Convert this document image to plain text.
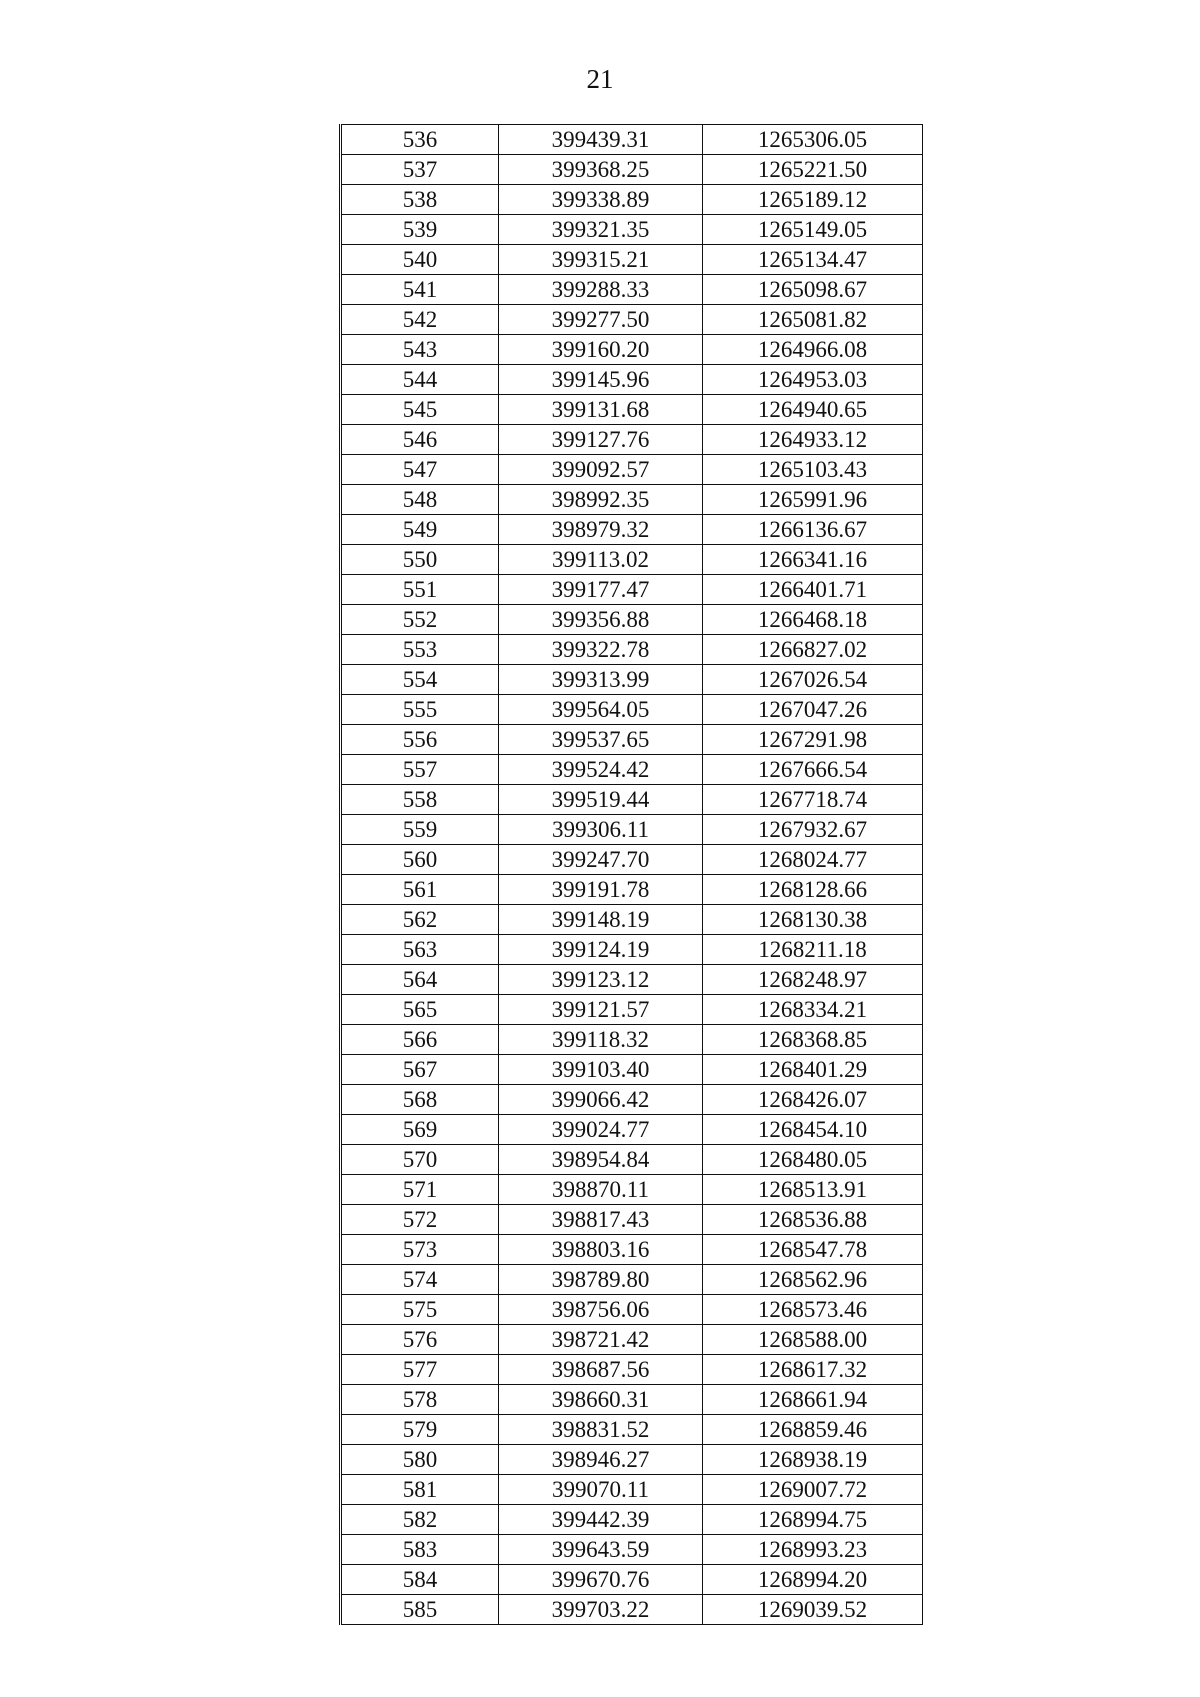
21
536	399439.31	1265306.05
537	399368.25	1265221.50
538	399338.89	1265189.12
539	399321.35	1265149.05
540	399315.21	1265134.47
541	399288.33	1265098.67
542	399277.50	1265081.82
543	399160.20	1264966.08
544	399145.96	1264953.03
545	399131.68	1264940.65
546	399127.76	1264933.12
547	399092.57	1265103.43
548	398992.35	1265991.96
549	398979.32	1266136.67
550	399113.02	1266341.16
551	399177.47	1266401.71
552	399356.88	1266468.18
553	399322.78	1266827.02
554	399313.99	1267026.54
555	399564.05	1267047.26
556	399537.65	1267291.98
557	399524.42	1267666.54
558	399519.44	1267718.74
559	399306.11	1267932.67
560	399247.70	1268024.77
561	399191.78	1268128.66
562	399148.19	1268130.38
563	399124.19	1268211.18
564	399123.12	1268248.97
565	399121.57	1268334.21
566	399118.32	1268368.85
567	399103.40	1268401.29
568	399066.42	1268426.07
569	399024.77	1268454.10
570	398954.84	1268480.05
571	398870.11	1268513.91
572	398817.43	1268536.88
573	398803.16	1268547.78
574	398789.80	1268562.96
575	398756.06	1268573.46
576	398721.42	1268588.00
577	398687.56	1268617.32
578	398660.31	1268661.94
579	398831.52	1268859.46
580	398946.27	1268938.19
581	399070.11	1269007.72
582	399442.39	1268994.75
583	399643.59	1268993.23
584	399670.76	1268994.20
585	399703.22	1269039.52
